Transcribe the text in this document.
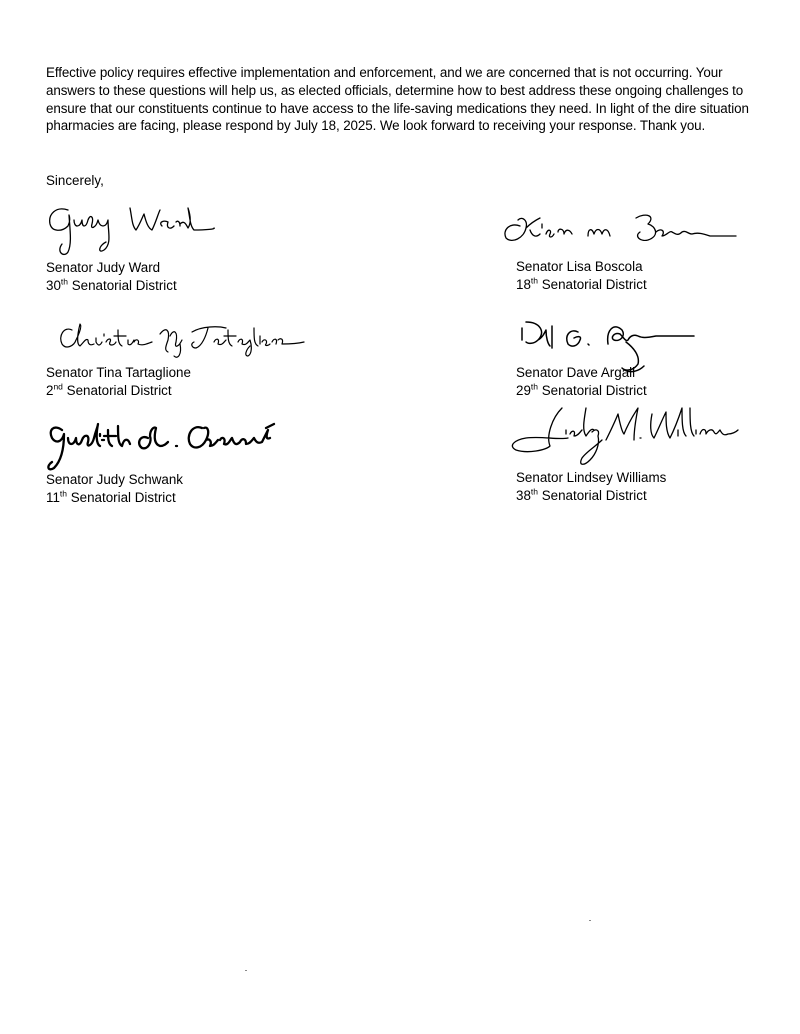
Effective policy requires effective implementation and enforcement, and we are concerned that is not occurring. Your answers to these questions will help us, as elected officials, determine how to best address these ongoing challenges to ensure that our constituents continue to have access to the life-saving medications they need. In light of the dire situation pharmacies are facing, please respond by July 18, 2025. We look forward to receiving your response. Thank you.

Sincerely,

Senator Judy Ward
30th Senatorial District
Senator Lisa Boscola
18th Senatorial District
Senator Tina Tartaglione
2nd Senatorial District
Senator Dave Argall
29th Senatorial District
Senator Judy Schwank
11th Senatorial District
Senator Lindsey Williams
38th Senatorial District
